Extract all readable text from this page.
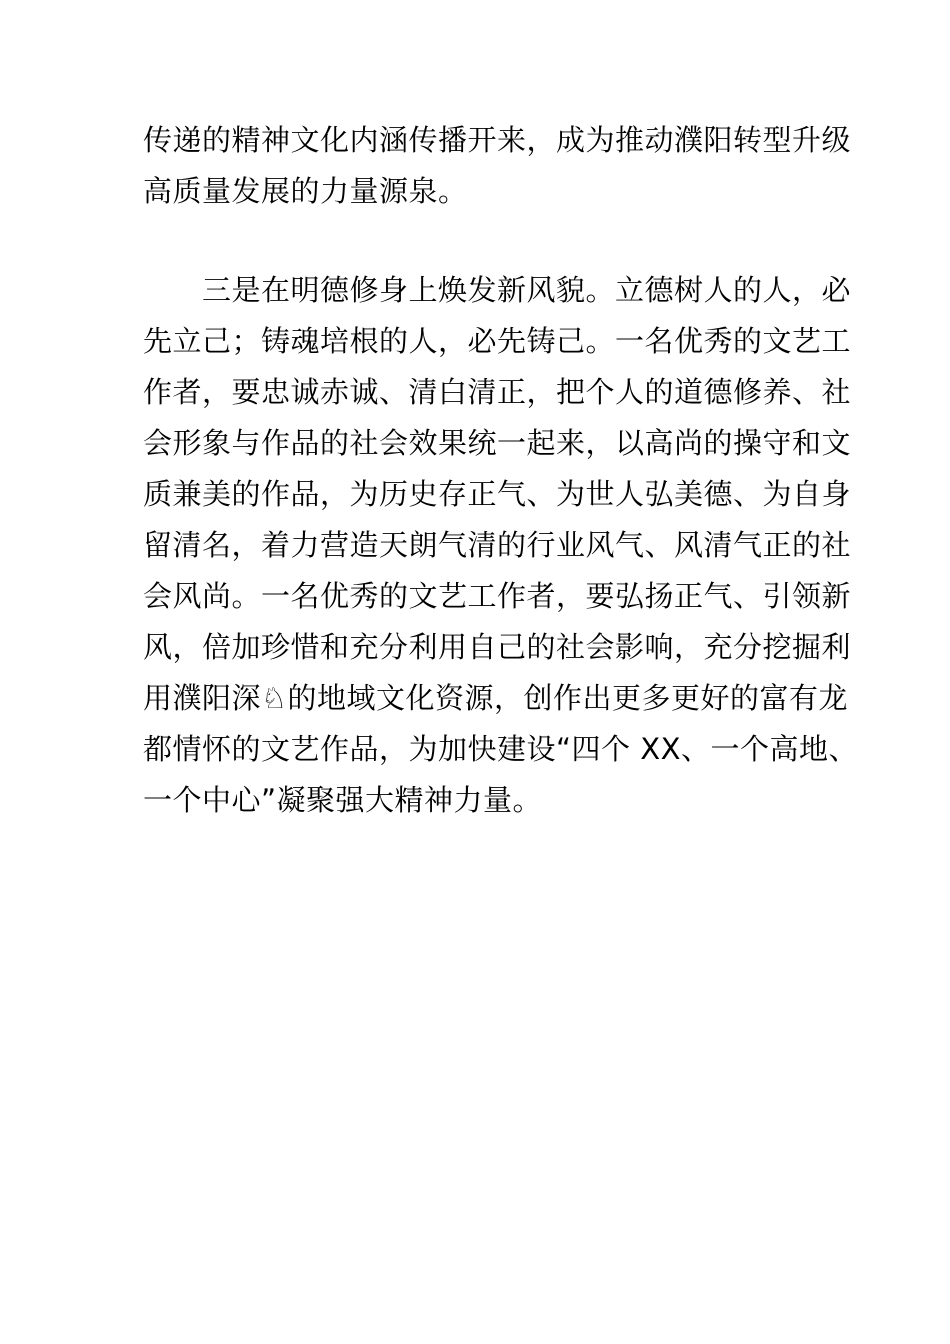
传递的精神文化内涵传播开来，成为推动濮阳转型升级
高质量发展的力量源泉。
　　三是在明德修身上焕发新风貌。立德树人的人，必
先立己；铸魂培根的人，必先铸己。一名优秀的文艺工
作者，要忠诚赤诚、清白清正，把个人的道德修养、社
会形象与作品的社会效果统一起来，以高尚的操守和文
质兼美的作品，为历史存正气、为世人弘美德、为自身
留清名，着力营造天朗气清的行业风气、风清气正的社
会风尚。一名优秀的文艺工作者，要弘扬正气、引领新
风，倍加珍惜和充分利用自己的社会影响，充分挖掘利
用濮阳深♘的地域文化资源，创作出更多更好的富有龙
都情怀的文艺作品，为加快建设“四个 XX、一个高地、
一个中心”凝聚强大精神力量。
